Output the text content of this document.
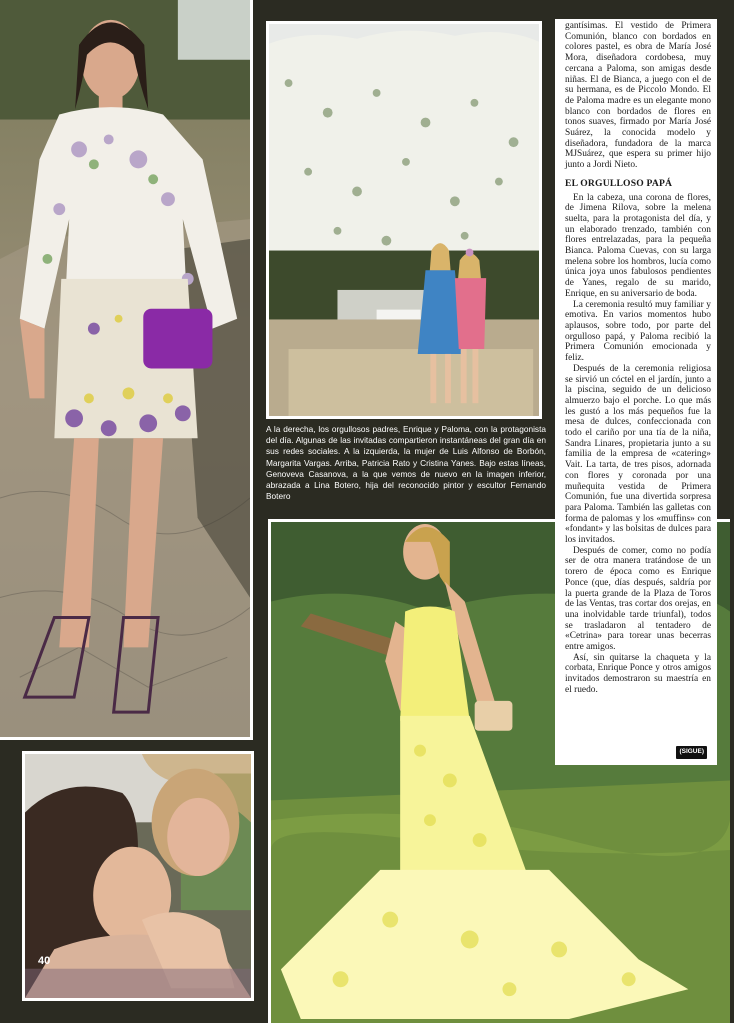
40
A la derecha, los orgullosos padres, Enrique y Paloma, con la protagonista del día. Algunas de las invitadas compartieron instantáneas del gran día en sus redes sociales. A la izquierda, la mujer de Luis Alfonso de Borbón, Margarita Vargas. Arriba, Patricia Rato y Cristina Yanes. Bajo estas líneas, Genoveva Casanova, a la que vemos de nuevo en la imagen inferior, abrazada a Lina Botero, hija del reconocido pintor y escultor Fernando Botero

gantísimas. El vestido de Primera Comunión, blanco con bordados en colores pastel, es obra de María José Mora, diseñadora cordobesa, muy cercana a Paloma, son amigas desde niñas. El de Bianca, a juego con el de su hermana, es de Piccolo Mondo. El de Paloma madre es un elegante mono blanco con bordados de flores en tonos suaves, firmado por María José Suárez, la conocida modelo y diseñadora, fundadora de la marca MJSuárez, que espera su primer hijo junto a Jordi Nieto.

EL ORGULLOSO PAPÁ

En la cabeza, una corona de flores, de Jimena Rilova, sobre la melena suelta, para la protagonista del día, y un elaborado trenzado, también con flores entrelazadas, para la pequeña Bianca. Paloma Cuevas, con su larga melena sobre los hombros, lucía como única joya unos fabulosos pendientes de Yanes, regalo de su marido, Enrique, en su aniversario de boda.

La ceremonia resultó muy familiar y emotiva. En varios momentos hubo aplausos, sobre todo, por parte del orgulloso papá, y Paloma recibió la Primera Comunión emocionada y feliz.

Después de la ceremonia religiosa se sirvió un cóctel en el jardín, junto a la piscina, seguido de un delicioso almuerzo bajo el porche. Lo que más les gustó a los más pequeños fue la mesa de dulces, confeccionada con todo el cariño por una tía de la niña, Sandra Linares, propietaria junto a su familia de la empresa de «catering» Vait. La tarta, de tres pisos, adornada con flores y coronada por una muñequita vestida de Primera Comunión, fue una divertida sorpresa para Paloma. También las galletas con forma de palomas y los «muffins» con «fondant» y las bolsitas de dulces para los invitados.

Después de comer, como no podía ser de otra manera tratándose de un torero de época como es Enrique Ponce (que, días después, saldría por la puerta grande de la Plaza de Toros de las Ventas, tras cortar dos orejas, en una inolvidable tarde triunfal), todos se trasladaron al tentadero de «Cetrina» para torear unas becerras entre amigos.

Así, sin quitarse la chaqueta y la corbata, Enrique Ponce y otros amigos invitados demostraron su maestría en el ruedo.

(SIGUE)
